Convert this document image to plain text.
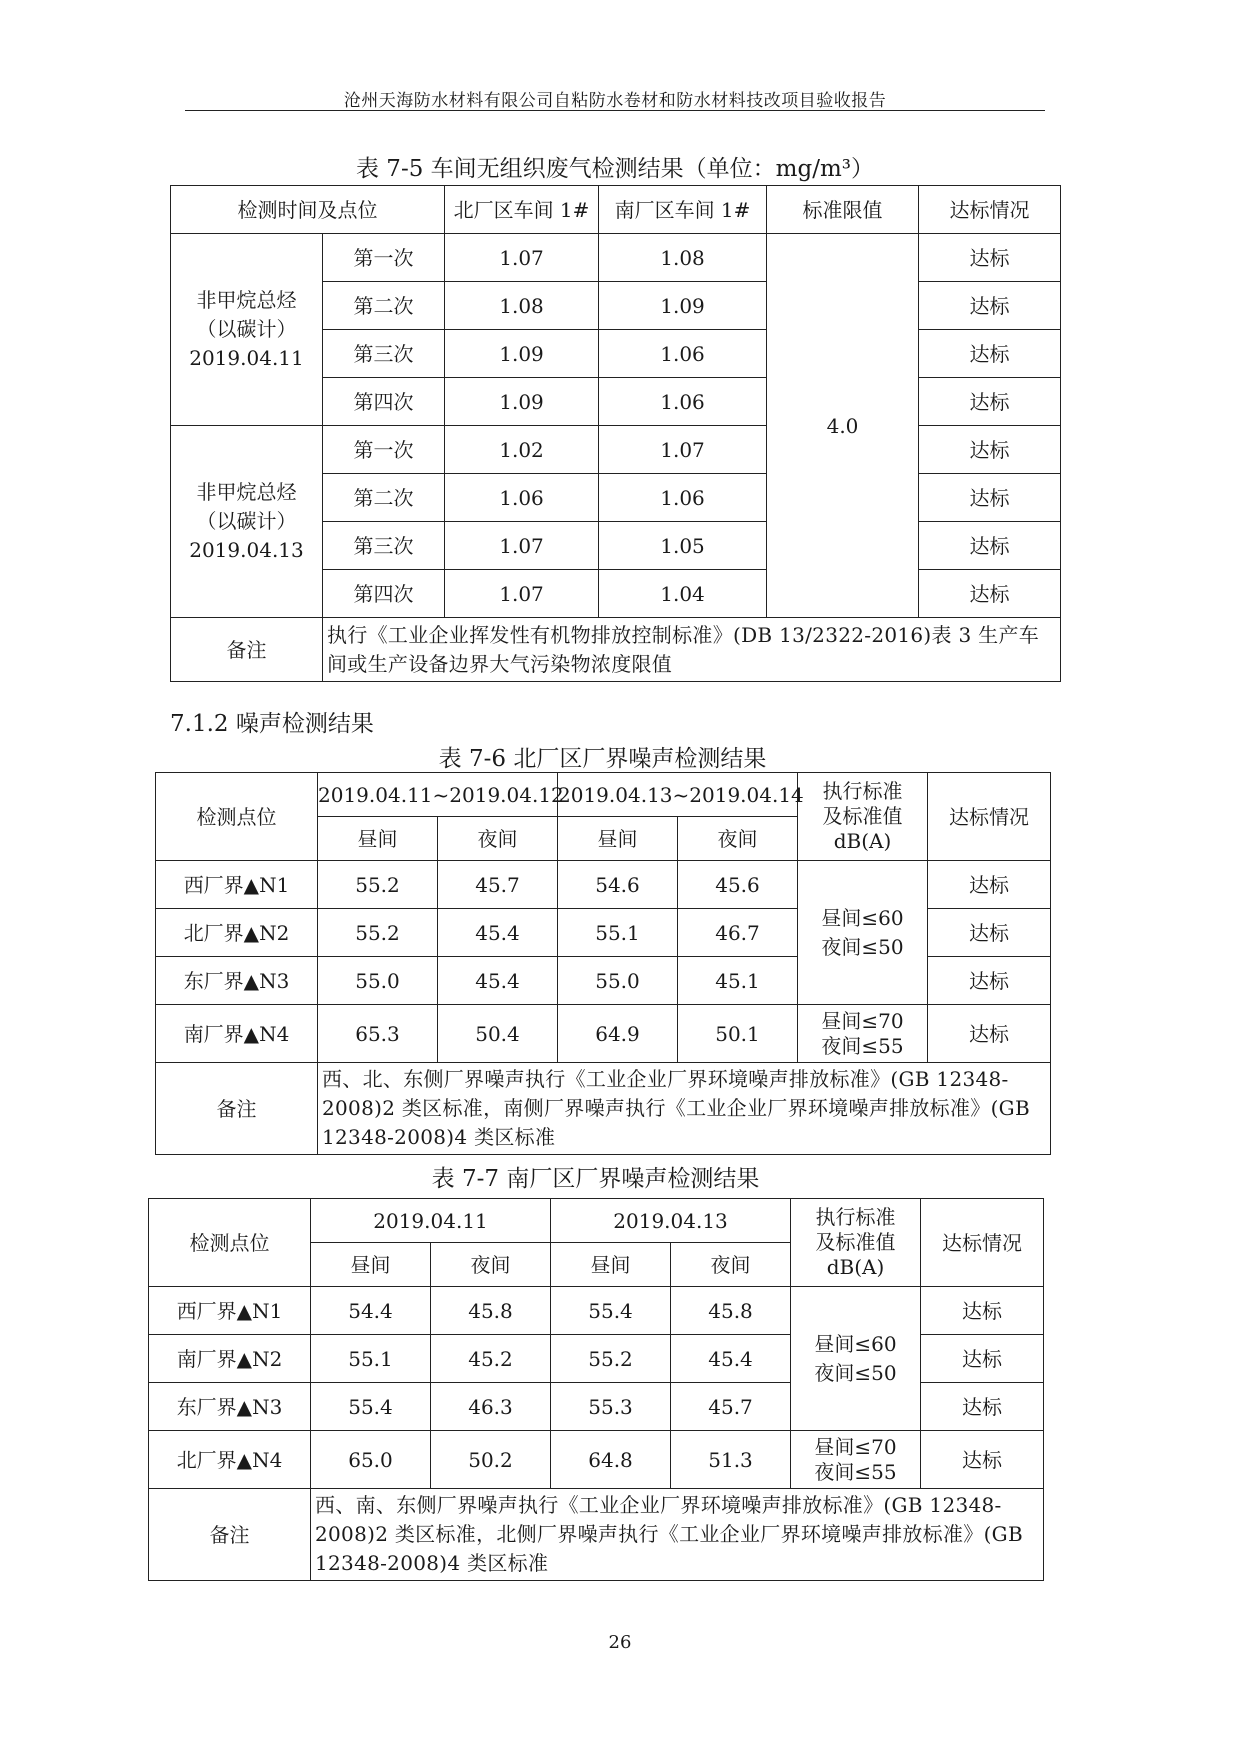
沧州天海防水材料有限公司自粘防水卷材和防水材料技改项目验收报告
表 7-5 车间无组织废气检测结果（单位：mg/m³）
检测时间及点位		北厂区车间 1#	南厂区车间 1#	标准限值	达标情况

非甲烷总烃
（以碳计）
2019.04.11	第一次	1.07	1.08	4.0	达标
	第二次	1.08	1.09		达标
	第三次	1.09	1.06		达标
	第四次	1.09	1.06		达标

非甲烷总烃
（以碳计）
2019.04.13	第一次	1.02	1.07		达标
	第二次	1.06	1.06		达标
	第三次	1.07	1.05		达标
	第四次	1.07	1.04		达标
备注	执行《工业企业挥发性有机物排放控制标准》(DB 13/2322-2016)表 3 生产车间或生产设备边界大气污染物浓度限值				
7.1.2 噪声检测结果
表 7-6 北厂区厂界噪声检测结果
检测点位	2019.04.11~2019.04.12		2019.04.13~2019.04.14		执行标准
及标准值
dB(A)	达标情况
	昼间	夜间	昼间	夜间		
西厂界▲N1	55.2	45.7	54.6	45.6	昼间≤60
夜间≤50	达标
北厂界▲N2	55.2	45.4	55.1	46.7		达标
东厂界▲N3	55.0	45.4	55.0	45.1		达标
南厂界▲N4	65.3	50.4	64.9	50.1	昼间≤70
夜间≤55	达标
备注	西、北、东侧厂界噪声执行《工业企业厂界环境噪声排放标准》(GB 12348-2008)2 类区标准，南侧厂界噪声执行《工业企业厂界环境噪声排放标准》(GB 12348-2008)4 类区标准					
表 7-7 南厂区厂界噪声检测结果
检测点位	2019.04.11		2019.04.13		执行标准
及标准值
dB(A)	达标情况
	昼间	夜间	昼间	夜间		
西厂界▲N1	54.4	45.8	55.4	45.8	昼间≤60
夜间≤50	达标
南厂界▲N2	55.1	45.2	55.2	45.4		达标
东厂界▲N3	55.4	46.3	55.3	45.7		达标
北厂界▲N4	65.0	50.2	64.8	51.3	昼间≤70
夜间≤55	达标
备注	西、南、东侧厂界噪声执行《工业企业厂界环境噪声排放标准》(GB 12348-2008)2 类区标准，北侧厂界噪声执行《工业企业厂界环境噪声排放标准》(GB 12348-2008)4 类区标准					
26
